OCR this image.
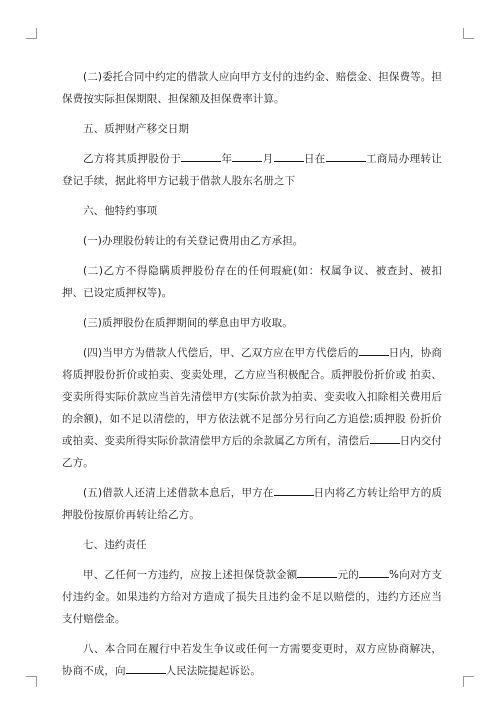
(二)委托合同中约定的借款人应向甲方支付的违约金、赔偿金、担保费等。担保费按实际担保期限、担保额及担保费率计算。

五、质押财产移交日期

乙方将其质押股份于	年	月	日在	工商局办理转让登记手续，据此将甲方记载于借款人股东名册之下

六、他特约事项

(一)办理股份转让的有关登记费用由乙方承担。

(二)乙方不得隐瞒质押股份存在的任何瑕疵(如：权属争议、被查封、被扣押、已设定质押权等)。

(三)质押股份在质押期间的孳息由甲方收取。

(四)当甲方为借款人代偿后，甲、乙双方应在甲方代偿后的	日内，协商将质押股份折价或拍卖、变卖处理，乙方应当积极配合。质押股份折价或 拍卖、变卖所得实际价款应当首先清偿甲方(实际价款为拍卖、变卖收入扣除相关费用后的余额)，如不足以清偿的，甲方依法就不足部分另行向乙方追偿;质押股 份折价或拍卖、变卖所得实际价款清偿甲方后的余款属乙方所有，清偿后	日内交付乙方。

(五)借款人还清上述借款本息后，甲方在	日内将乙方转让给甲方的质押股份按原价再转让给乙方。

七、违约责任

甲、乙任何一方违约，应按上述担保贷款金额	元的	%向对方支付违约金。如果违约方给对方造成了损失且违约金不足以赔偿的，违约方还应当支付赔偿金。

八、本合同在履行中若发生争议或任何一方需要变更时，双方应协商解决，协商不成，向	人民法院提起诉讼。
